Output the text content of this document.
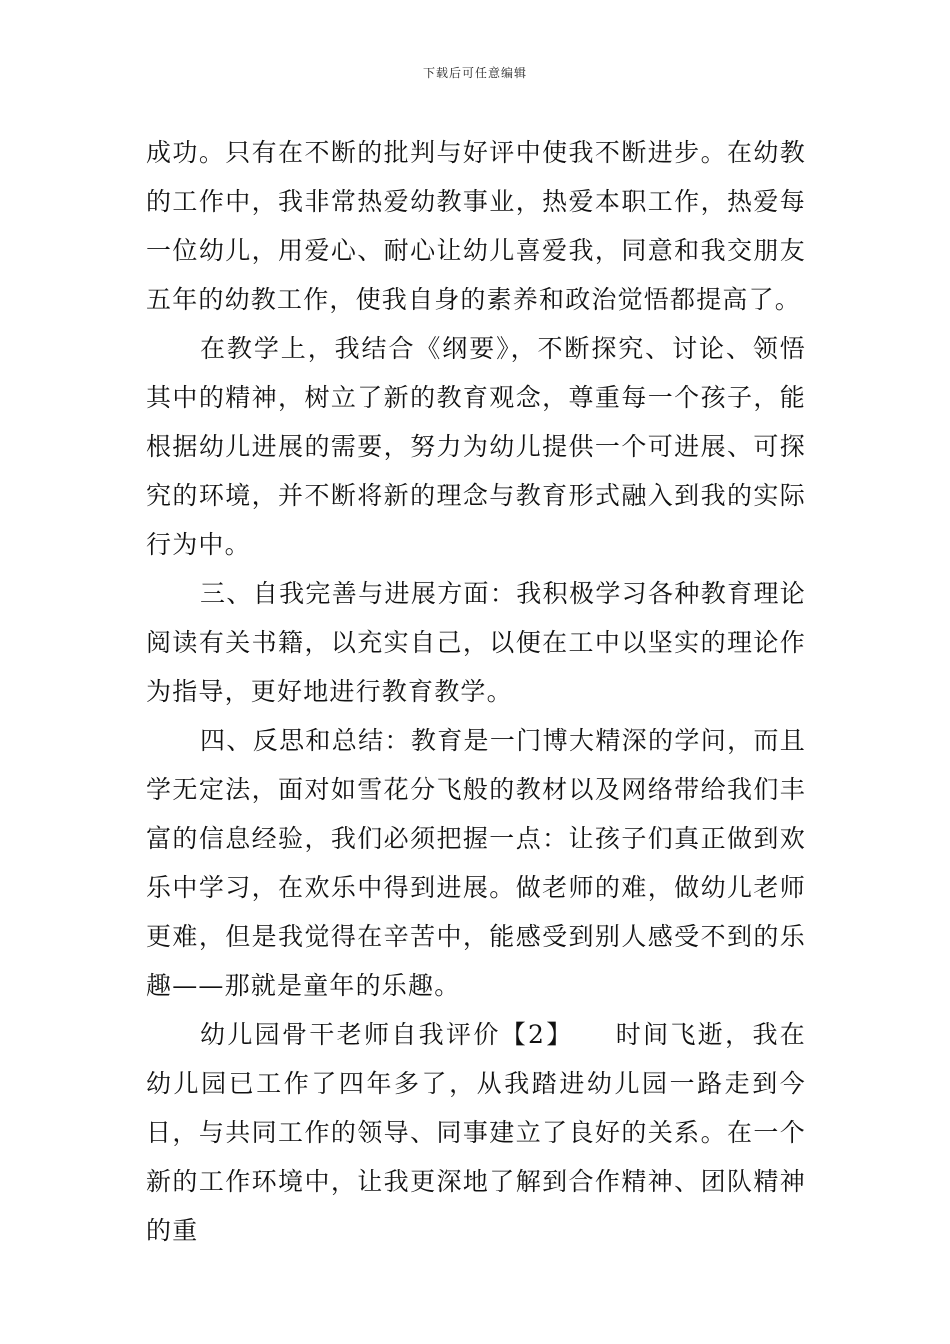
下载后可任意编辑

成功。只有在不断的批判与好评中使我不断进步。在幼教的工作中，我非常热爱幼教事业，热爱本职工作，热爱每一位幼儿，用爱心、耐心让幼儿喜爱我，同意和我交朋友五年的幼教工作，使我自身的素养和政治觉悟都提高了。

在教学上，我结合《纲要》，不断探究、讨论、领悟其中的精神，树立了新的教育观念，尊重每一个孩子，能根据幼儿进展的需要，努力为幼儿提供一个可进展、可探究的环境，并不断将新的理念与教育形式融入到我的实际行为中。

三、自我完善与进展方面：我积极学习各种教育理论阅读有关书籍，以充实自己，以便在工中以坚实的理论作为指导，更好地进行教育教学。

四、反思和总结：教育是一门博大精深的学问，而且学无定法，面对如雪花分飞般的教材以及网络带给我们丰富的信息经验，我们必须把握一点：让孩子们真正做到欢乐中学习，在欢乐中得到进展。做老师的难，做幼儿老师更难，但是我觉得在辛苦中，能感受到别人感受不到的乐趣——那就是童年的乐趣。

幼儿园骨干老师自我评价【2】　　时间飞逝，我在幼儿园已工作了四年多了，从我踏进幼儿园一路走到今日，与共同工作的领导、同事建立了良好的关系。在一个新的工作环境中，让我更深地了解到合作精神、团队精神的重
